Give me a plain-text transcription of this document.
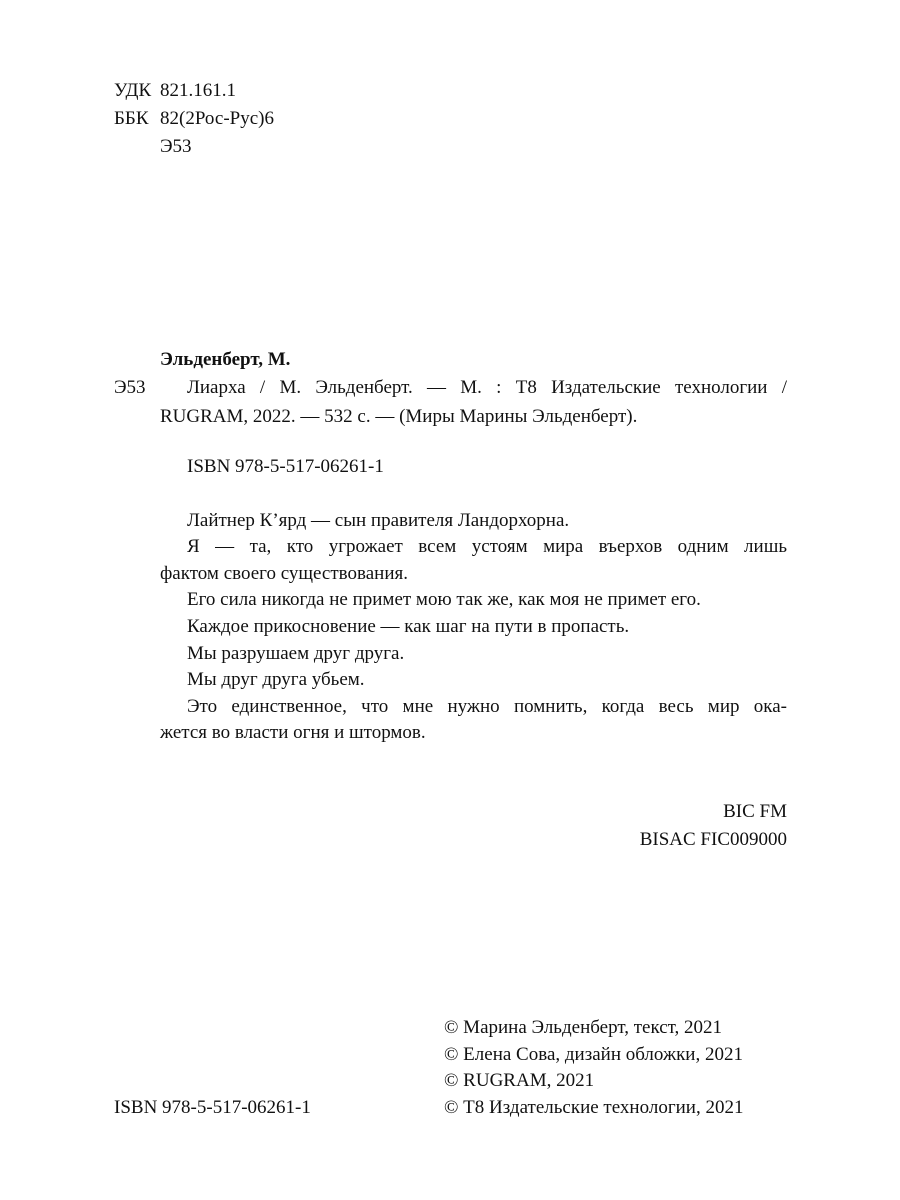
УДК 821.161.1
ББК 82(2Рос-Рус)6
Э53
Эльденберт, М.
Э53 Лиарха / М. Эльденберт. — М. : Т8 Издательские технологии /
RUGRAM, 2022. — 532 с. — (Миры Марины Эльденберт).
ISBN 978-5-517-06261-1
Лайтнер К’ярд — сын правителя Ландорхорна.
Я — та, кто угрожает всем устоям мира въерхов одним лишь
фактом своего существования.
Его сила никогда не примет мою так же, как моя не примет его.
Каждое прикосновение — как шаг на пути в пропасть.
Мы разрушаем друг друга.
Мы друг друга убьем.
Это единственное, что мне нужно помнить, когда весь мир ока-
жется во власти огня и штормов.
BIC FM
BISAC FIC009000
ISBN 978-5-517-06261-1
© Марина Эльденберт, текст, 2021
© Елена Сова, дизайн обложки, 2021
© RUGRAM, 2021
© Т8 Издательские технологии, 2021
